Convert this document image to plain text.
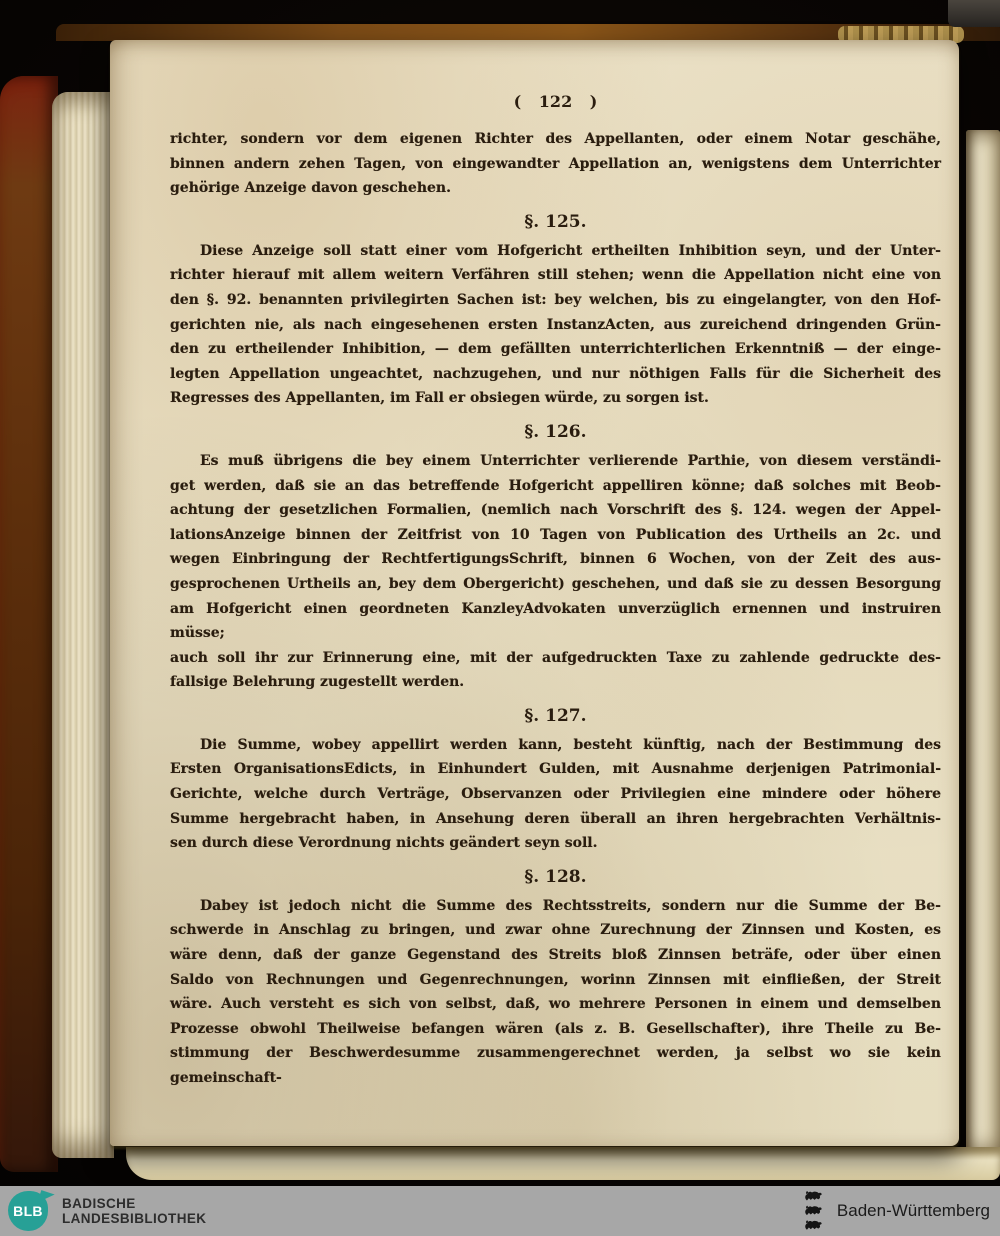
( 122 )
richter, sondern vor dem eigenen Richter des Appellanten, oder einem Notar geschähe,
binnen andern zehen Tagen, von eingewandter Appellation an, wenigstens dem Unterrichter
gehörige Anzeige davon geschehen.
§. 125.
Diese Anzeige soll statt einer vom Hofgericht ertheilten Inhibition seyn, und der Unter-
richter hierauf mit allem weitern Verfähren still stehen; wenn die Appellation nicht eine von
den §. 92. benannten privilegirten Sachen ist: bey welchen, bis zu eingelangter, von den Hof-
gerichten nie, als nach eingesehenen ersten InstanzActen, aus zureichend dringenden Grün-
den zu ertheilender Inhibition, — dem gefällten unterrichterlichen Erkenntniß — der einge-
legten Appellation ungeachtet, nachzugehen, und nur nöthigen Falls für die Sicherheit des
Regresses des Appellanten, im Fall er obsiegen würde, zu sorgen ist.
§. 126.
Es muß übrigens die bey einem Unterrichter verlierende Parthie, von diesem verständi-
get werden, daß sie an das betreffende Hofgericht appelliren könne; daß solches mit Beob-
achtung der gesetzlichen Formalien, (nemlich nach Vorschrift des §. 124. wegen der Appel-
lationsAnzeige binnen der Zeitfrist von 10 Tagen von Publication des Urtheils an 2c. und
wegen Einbringung der RechtfertigungsSchrift, binnen 6 Wochen, von der Zeit des aus-
gesprochenen Urtheils an, bey dem Obergericht) geschehen, und daß sie zu dessen Besorgung
am Hofgericht einen geordneten KanzleyAdvokaten unverzüglich ernennen und instruiren müsse;
auch soll ihr zur Erinnerung eine, mit der aufgedruckten Taxe zu zahlende gedruckte des-
fallsige Belehrung zugestellt werden.
§. 127.
Die Summe, wobey appellirt werden kann, besteht künftig, nach der Bestimmung des
Ersten OrganisationsEdicts, in Einhundert Gulden, mit Ausnahme derjenigen Patrimonial-
Gerichte, welche durch Verträge, Observanzen oder Privilegien eine mindere oder höhere
Summe hergebracht haben, in Ansehung deren überall an ihren hergebrachten Verhältnis-
sen durch diese Verordnung nichts geändert seyn soll.
§. 128.
Dabey ist jedoch nicht die Summe des Rechtsstreits, sondern nur die Summe der Be-
schwerde in Anschlag zu bringen, und zwar ohne Zurechnung der Zinnsen und Kosten, es
wäre denn, daß der ganze Gegenstand des Streits bloß Zinnsen beträfe, oder über einen
Saldo von Rechnungen und Gegenrechnungen, worinn Zinnsen mit einfließen, der Streit
wäre. Auch versteht es sich von selbst, daß, wo mehrere Personen in einem und demselben
Prozesse obwohl Theilweise befangen wären (als z. B. Gesellschafter), ihre Theile zu Be-
stimmung der Beschwerdesumme zusammengerechnet werden, ja selbst wo sie kein gemeinschaft-
BLB BADISCHE
LANDESBIBLIOTHEK	Baden-Württemberg
